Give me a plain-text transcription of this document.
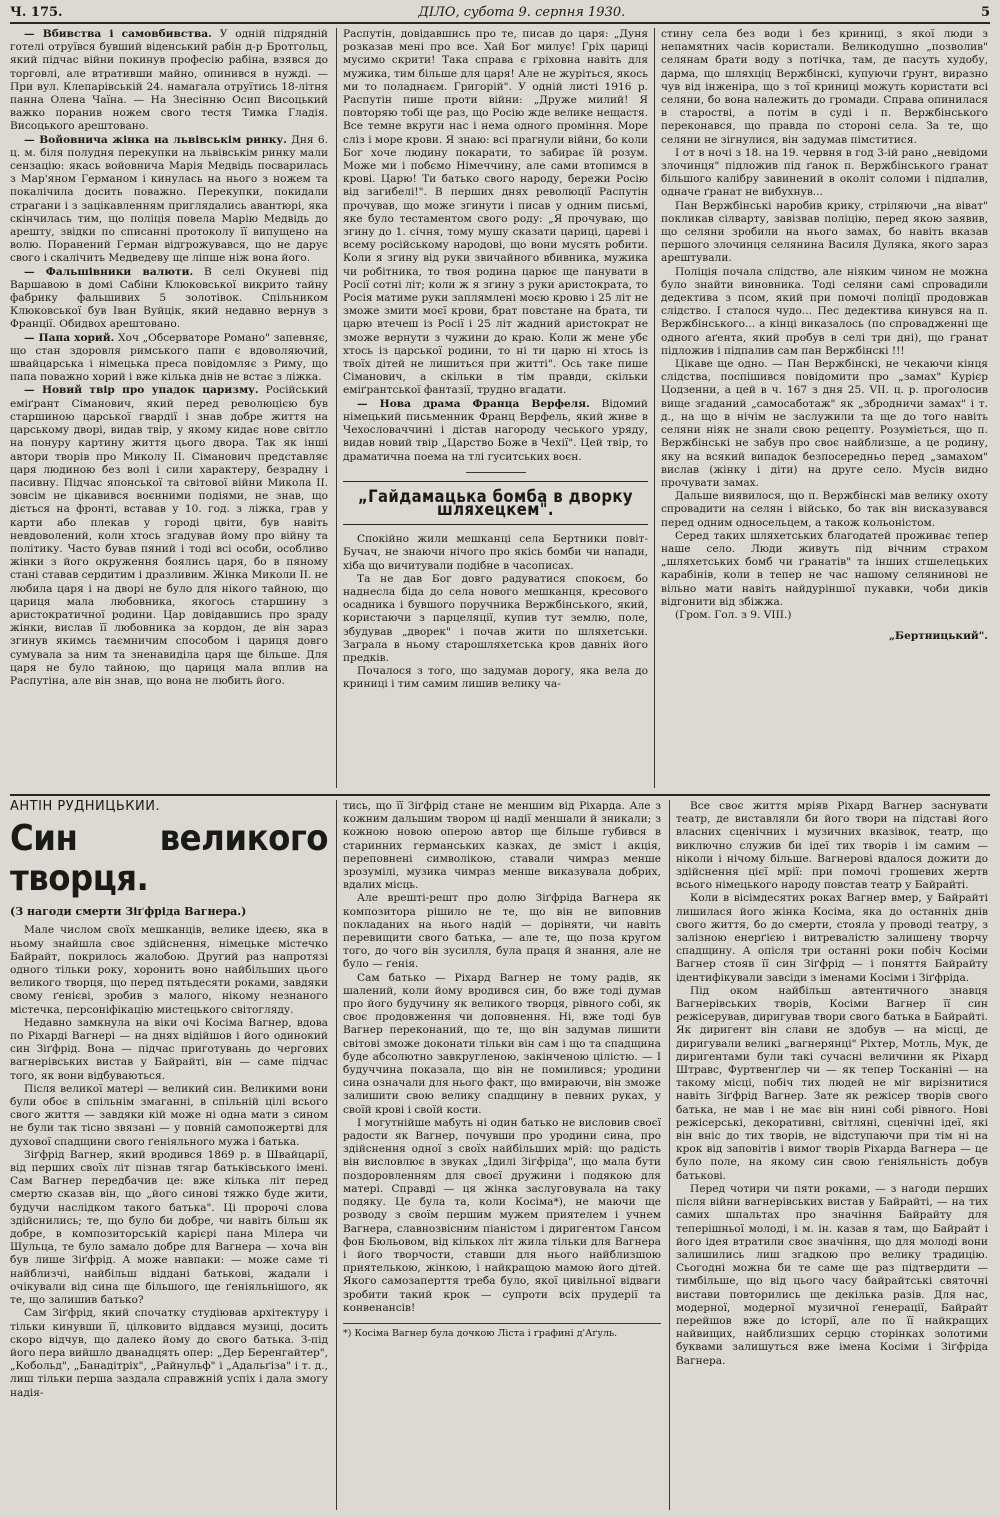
Ч. 175.	ДІЛО, субота 9. серпня 1930.	5

— Вбивства і самовбивства. У одній підрядній готелі отруївся бувший віденський рабін д-р Бротгольц, який підчас війни покинув професію рабіна, взявся до торговлі, але втративши майно, опинився в нужді. — При вул. Клепарівській 24. намагала отруїтись 18-літня панна Олена Чаїна. — На Знесінню Осип Висоцький важко поранив ножем свого тестя Тимка Гладія. Висоцького арештовано.

— Войовнича жінка на львівськім ринку. Дня 6. ц. м. біля полудня перекупки на львівськім ринку мали сензацію: якась войовнича Марія Медвідь посварилась з Мар'яном Германом і кинулась на нього з ножем та покалічила досить поважно. Перекупки, покидали страгани і з зацікавленням приглядались авантюрі, яка скінчилась тим, що поліція повела Марію Медвідь до арешту, звідки по списанні протоколу її випущено на волю. Поранений Герман відгрожувався, що не дарує свого і скалічить Медведеву ще ліпше ніж вона його.

— Фальшівники валюти. В селі Окуневі під Варшавою в домі Сабіни Клюковської викрито тайну фабрику фальшивих 5 золотівок. Спільником Клюковської був Іван Вуйцік, який недавно вернув з Франції. Обидвох арештовано.

— Папа хорий. Хоч „Обсерваторе Романо" запевняє, що стан здоровля римського папи є вдоволяючий, швайцарська і німецька преса повідомляє з Риму, що папа поважно хорий і вже кілька днів не встає з ліжка.

— Новий твір про упадок царизму. Російський еміґрант Сіманович, який перед революцією був старшиною царської гвардії і знав добре життя на царському дворі, видав твір, у якому кидає нове світло на понуру картину життя цього двора. Так як інші автори творів про Миколу II. Сіманович представляє царя людиною без волі і сили характеру, безрадну і пасивну. Підчас японської та світової війни Микола II. зовсім не цікавився воєнними подіями, не знав, що діється на фронті, вставав у 10. год. з ліжка, грав у карти або плекав у городі цвіти, був навіть невдоволений, коли хтось згадував йому про війну та політику. Часто бував пяний і тоді всі особи, особливо жінки з його окруження боялись царя, бо в пяному стані ставав сердитим і дразливим. Жінка Миколи II. не любила царя і на дворі не було для нікого тайною, що цариця мала любовника, якогось старшину з аристократичної родини. Цар довідавшись про зраду жінки, вислав її любовника за кордон, де він зараз згинув якимсь таємничим способом і цариця довго сумувала за ним та зненавиділа царя ще більше. Для царя не було тайною, що цариця мала вплив на Распутіна, але він знав, що вона не любить його.

Распутін, довідавшись про те, писав до царя: „Дуня розказав мені про все. Хай Бог милує! Гріх цариці мусимо скрити! Така справа є гріховна навіть для мужика, тим більше для царя! Але не журіться, якось ми то поладнаєм. Григорій". У одній листі 1916 р. Распутін пише проти війни: „Друже милий! Я повторяю тобі ще раз, що Росію жде велике нещастя. Все темне вкруги нас і нема одного проміння. Море сліз і море крови. Я знаю: всі прагнули війни, бо коли Бог хоче людину покарати, то забирає їй розум. Може ми і побємо Німеччину, але сами втопимся в крові. Царю! Ти батько свого народу, бережи Росію від загибелі!". В перших днях революції Распутін прочував, що може згинути і писав у одним письмі, яке було тестаментом свого роду: „Я прочуваю, що згину до 1. січня, тому мушу сказати цариці, цареві і всему російському народові, що вони мусять робити. Коли я згину від руки звичайного вбивника, мужика чи робітника, то твоя родина царює ще панувати в Росії сотні літ; коли ж я згину з руки аристократа, то Росія матиме руки заплямлені моєю кровю і 25 літ не зможе змити моєї крови, брат повстане на брата, ти царю втечеш із Росії і 25 літ жадний аристократ не зможе вернути з чужини до краю. Коли ж мене убє хтось із царської родини, то ні ти царю ні хтось із твоїх дітей не лишиться при житті". Ось таке пише Сіманович, а скільки в тім правди, скільки еміґрантської фантазії, трудно вгадати.

— Нова драма Франца Верфеля. Відомий німецький письменник Франц Верфель, який живе в Чехословаччині і дістав нагороду чеського уряду, видав новий твір „Царство Боже в Чехії". Цей твір, то драматична поема на тлі гуситських воєн.

„Гайдамацька бомба в дворку шляхецкем".

Спокійно жили мешканці села Бертники повіт-Бучач, не знаючи нічого про якісь бомби чи напади, хіба що вичитували подібне в часописах.

Та не дав Бог довго радуватися спокоєм, бо наднесла біда до села нового мешканця, кресового осадника і бувшого поручника Вержбінського, який, користаючи з парцеляції, купив тут землю, поле, збудував „дворек" і почав жити по шляхетськи. Заграла в ньому старошляхетська кров давніх його предків.

Почалося з того, що задумав дорогу, яка вела до криниці і тим самим лишив велику ча-

стину села без води і без криниці, з якої люди з непамятних часів користали. Великодушно „позволив" селянам брати воду з потічка, там, де пасуть худобу, дарма, що шляхціц Вержбінскі, купуючи ґрунт, виразно чув від інженіра, що з тої криниці можуть користати всі селяни, бо вона належить до громади. Справа опинилася в старостві, а потім в суді і п. Вержбінського переконався, що правда по стороні села. За те, що селяни не зігнулися, він задумав пімститися.

І от в ночі з 18. на 19. червня в год 3-ій рано „невідоми злочинця" підложив під ґанок п. Вержбінського ґранат більшого калібру завинений в околіт соломи і підпалив, одначе ґранат не вибухнув...

Пан Вержбінські наробив крику, стріляючи „на віват" покликав сілварту, завізвав поліцію, перед якою заявив, що селяни зробили на нього замах, бо навіть вказав першого злочинця селянина Василя Дуляка, якого зараз арештували.

Поліція почала слідство, але ніяким чином не можна було знайти виновника. Тоді селяни самі спровадили дедектива з псом, який при помочі поліції продовжав слідство. І сталося чудо... Пес дедектива кинувся на п. Вержбінського... а кінці виказалось (по спровадженні ще одного аґента, який пробув в селі три дні), що ґранат підложив і підпалив сам пан Вержбінскі !!!

Цікаве ще одно. — Пан Вержбінскі, не чекаючи кінця слідства, поспішився повідомити про „замах" Курієр Цодзенни, а цей в ч. 167 з дня 25. VII. ц. р. проголосив вище згаданий „самосаботаж" як „збродничи замах" і т. д., на що в нічім не заслужили та ще до того навіть селяни ніяк не знали свою рецепту. Розуміється, що п. Вержбінські не забув про своє найблизше, а це родину, яку на всякий випадок безпосередньо перед „замахом" вислав (жінку і діти) на друге село. Мусів видно прочувати замах.

Дальше виявилося, що п. Вержбінскі мав велику охоту спровадити на селян і військо, бо так він висказувався перед одним односельцем, а також кольоністом.

Серед таких шляхетських благодатей проживає тепер наше село. Люди живуть під вічним страхом „шляхетських бомб чи ґранатів" та інших стшелецьких карабінів, коли в тепер не час нашому селянинові не вільно мати навіть найдуріншої пукавки, чоби диків відгонити від збіжжа.

(Гром. Гол. з 9. VIII.)

„Бертницький".

АНТІН РУДНИЦЬКИЙ.
Син великого творця.
(З нагоди смерти Зіґфріда Вагнера.)

Мале числом своїх мешканців, велике ідеєю, яка в ньому знайшла своє здійснення, німецьке містечко Байрайт, покрилось жалобою. Другий раз напротязі одного тільки року, хоронить воно найбільших цього великого творця, що перед пятьдесяти роками, завдяки свому ґенієві, зробив з малого, нікому незнаного містечка, персоніфікацію мистецького світогляду.

Недавно замкнула на віки очі Косіма Вагнер, вдова по Ріхарді Вагнері — на днях відійшов і його одинокий син Зіґфрід. Вона — підчас приготувань до чергових вагнерівських вистав у Байрайті, він — саме підчас того, як вони відбуваються.

Після великої матері — великий син. Великими вони були обоє в спільнім змаганні, в спільній цілі всього свого життя — завдяки кій може ні одна мати з сином не були так тісно звязані — у повній самопожертві для духової спадщини свого ґеніяльного мужа і батька.

Зіґфрід Вагнер, який вродився 1869 р. в Швайцарії, від перших своїх літ пізнав тягар батьківського імені. Сам Вагнер передбачив це: вже кілька літ перед смертю сказав він, що „його синові тяжко буде жити, будучи наслідком такого батька". Ці пророчі слова здійснились; те, що було би добре, чи навіть більш як добре, в композиторській карієрі пана Мілера чи Шульца, те було замало добре для Вагнера — хоча він був лише Зіґфрід. А може навпаки: — може саме ті найблизчі, найбільш віддані батькові, жадали і очікували від сина ще більшого, ще ґеніяльнішого, як те, що залишив батько?

Сам Зіґфрід, який спочатку студіював архітектуру і тільки кинувши її, цілковито віддався музиці, досить скоро відчув, що далеко йому до свого батька. З-під його пера вийшло дванадцять опер: „Дер Беренгайтер", „Кобольд", „Банадітріх", „Райнульф" і „Адальґіза" і т. д., лиш тільки перша заздала справжній успіх і дала змогу надія-

тись, що її Зіґфрід стане не меншим від Ріхарда. Але з кожним дальшим твором ці надії меншали й зникали; з кожною новою оперою автор ще більше губився в старинних германських казках, де зміст і акція, переповнені символікою, ставали чимраз менше зрозумілі, музика чимраз менше виказувала добрих, вдалих місць.

Але врешті-решт про долю Зіґфріда Вагнера як композитора рішило не те, що він не виповнив покладаних на нього надій — доріняти, чи навіть перевищити свого батька, — але те, що поза кругом того, до чого він зусилля, була праця й знання, але не було — ґенія.

Сам батько — Ріхард Вагнер не тому радів, як шалений, коли йому вродився син, бо вже тоді думав про його будучину як великого творця, рівного собі, як своє продовження чи доповнення. Ні, вже тоді був Вагнер переконаний, що те, що він задумав лишити світові зможе доконати тільки він сам і що та спадщина буде абсолютно завкругленою, закінченою цілістю. — І будуччина показала, що він не помилився; уродини сина означали для нього факт, що вмираючи, він зможе залишити свою велику спадщину в певних руках, у своїй крові і своїй кости.

І могутнійше мабуть ні один батько не висловив своєї радости як Вагнер, почувши про уродини сина, про здійснення одної з своїх найбільших мрій: що радість він висловлює в звуках „Ідилі Зіґфріда", що мала бути поздоровленням для своєї дружини і подякою для матері. Справді — ця жінка заслуговувала на таку подяку. Це була та, коли Косіма*), не маючи ще розводу з своїм першим мужем приятелем і учнем Вагнера, славнозвісним піаністом і диригентом Гансом фон Бюльовом, від кількох літ жила тільки для Вагнера і його творчости, ставши для нього найблизшою приятелькою, жінкою, і найкращою мамою його дітей. Якого самозаперття треба було, якої цивільної відваги зробити такий крок — супроти всіх прудерії та конвенансів!

*) Косіма Вагнер була дочкою Ліста і ґрафині д'Аґуль.

Все своє життя мріяв Ріхард Вагнер заснувати театр, де виставляли би його твори на підставі його власних сценічних і музичних вказівок, театр, що виключно служив би ідеї тих творів і ім самим — ніколи і нічому більше. Вагнерові вдалося дожити до здійснення цієї мрії: при помочі грошевих жертв всього німецького народу повстав театр у Байрайті.

Коли в вісімдесятих роках Вагнер вмер, у Байрайті лишилася його жінка Косіма, яка до останніх днів свого життя, бо до смерти, стояла у проводі театру, з залізною енерґією і витревалістю залишену творчу спадщину. А опісля три останні роки побіч Косіми Вагнер стояв її син Зіґфрід — і поняття Байрайту ідентифікували завсіди з іменами Косіми і Зіґфріда.

Під оком найбільш автентичного знавця Вагнерівських творів, Косіми Вагнер її син режісерував, диригував твори свого батька в Байрайті. Як диригент він слави не здобув — на місці, де диригували великі „вагнерянці" Ріхтер, Мотль, Мук, де диригентами були такі сучасні величини як Ріхард Штравс, Фуртвенґлер чи — як тепер Тосканіні — на такому місці, побіч тих людей не міг вирізнитися навіть Зіґфрід Вагнер. Зате як режісер творів свого батька, не мав і не має він нині собі рівного. Нові режісерські, декоративні, світляні, сценічні ідеї, які він вніс до тих творів, не відступаючи при тім ні на крок від заповітів і вимог творів Ріхарда Вагнера — це було поле, на якому син свою ґеніяльність добув батькові.

Перед чотири чи пяти роками, — з нагоди перших після війни вагнерівських вистав у Байрайті, — на тих самих шпальтах про значіння Байрайту для теперішньої молоді, і м. ін. казав я там, що Байрайт і його ідея втратили своє значіння, що для молоді вони залишились лиш згадкою про велику традицію. Сьогодні можна би те саме ще раз підтвердити — тимбільше, що від цього часу байрайтські святочні вистави повторились ще декілька разів. Для нас, модерної, модерної музичної ґенерації, Байрайт перейшов вже до історії, але по її найкращих найвищих, найблизших серцю сторінках золотими буквами залишуться вже імена Косіми і Зіґфріда Вагнера.
